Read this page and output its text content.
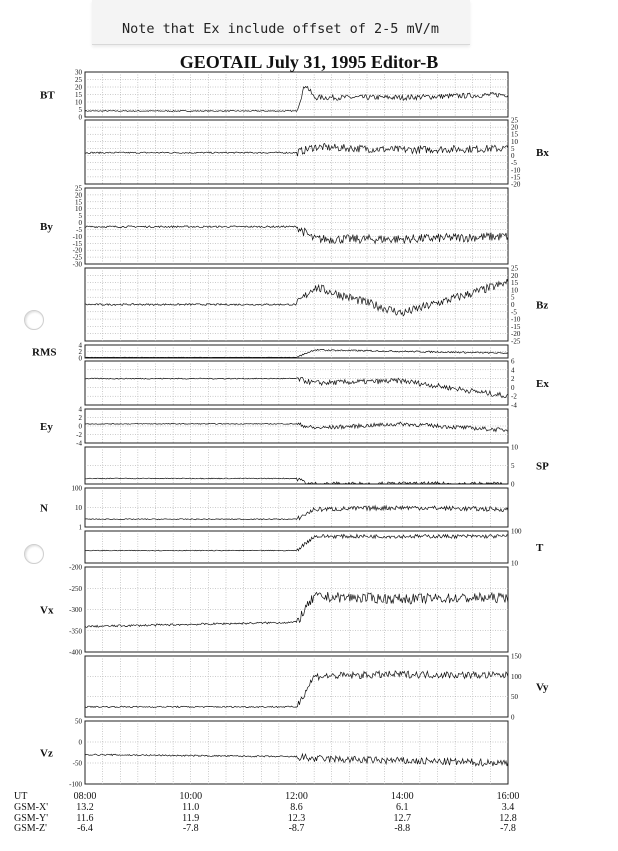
Note that Ex include offset of 2-5 mV/m
GEOTAIL July 31, 1995 Editor-B
30
25
20
15
10
5
0
BT
25
20
15
10
5
0
-5
-10
-15
-20
Bx
25
20
15
10
5
0
-5
-10
-15
-20
-25
-30
By
25
20
15
10
5
0
-5
-10
-15
-20
-25
Bz
4
2
0
RMS
6
4
2
0
-2
-4
Ex
4
2
0
-2
-4
Ey
10
5
0
SP
100
10
1
N
100
10
T
-200
-250
-300
-350
-400
Vx
150
100
50
0
Vy
50
0
-50
-100
Vz
UT	08:00	10:00	12:00	14:00	16:00
GSM-X'	13.2	11.0	8.6	6.1	3.4
GSM-Y'	11.6	11.9	12.3	12.7	12.8
GSM-Z'	-6.4	-7.8	-8.7	-8.8	-7.8
